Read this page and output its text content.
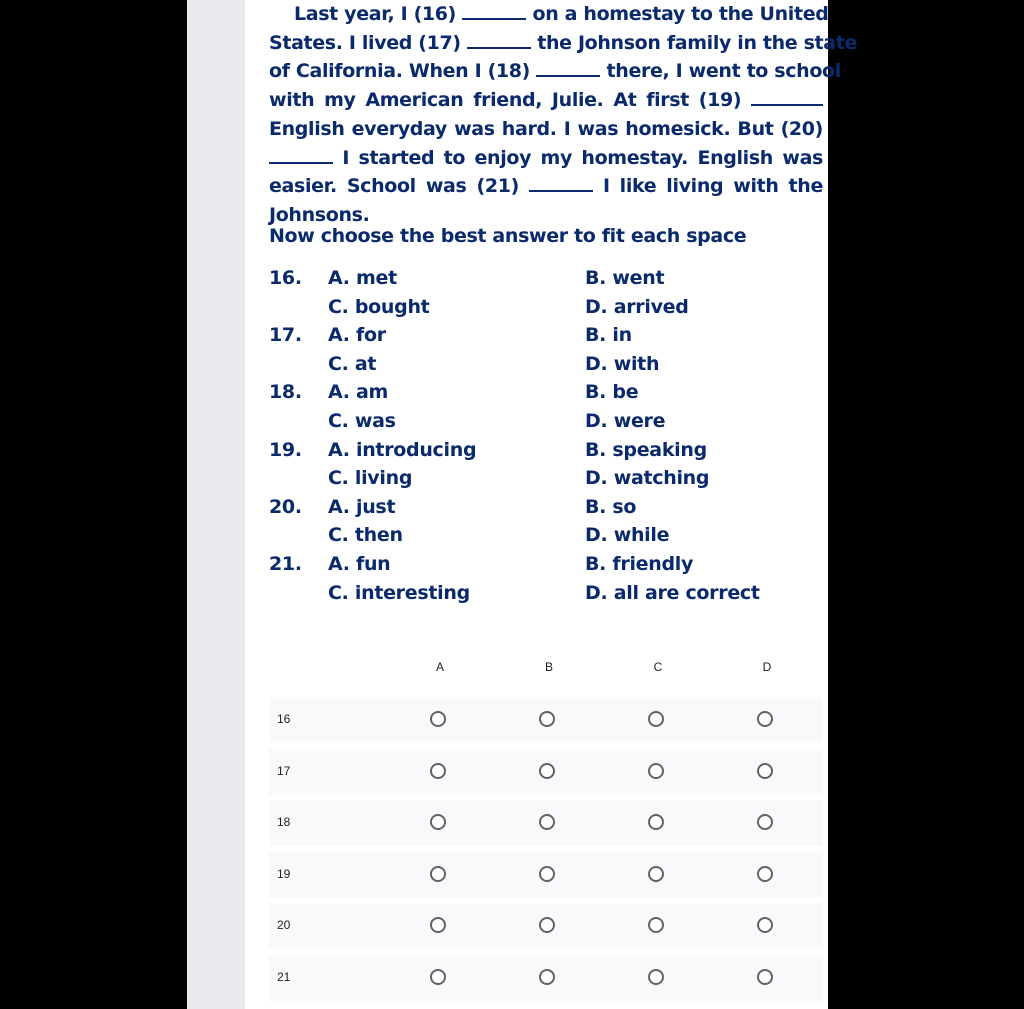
Last year, I (16)	on a homestay to the United
States. I lived (17)	the Johnson family in the state
of California. When I (18)	there, I went to school
with my American friend, Julie. At first (19)
English everyday was hard. I was homesick. But (20)
I started to enjoy my homestay. English was
easier. School was (21)	I like living with the
Johnsons.
Now choose the best answer to fit each space
16. A. met	B. went
C. bought	D. arrived
17. A. for	B. in
C. at	D. with
18. A. am	B. be
C. was	D. were
19. A. introducing	B. speaking
C. living	D. watching
20. A. just	B. so
C. then	D. while
21. A. fun	B. friendly
C. interesting	D. all are correct
A	B	C	D
16
17
18
19
20
21
